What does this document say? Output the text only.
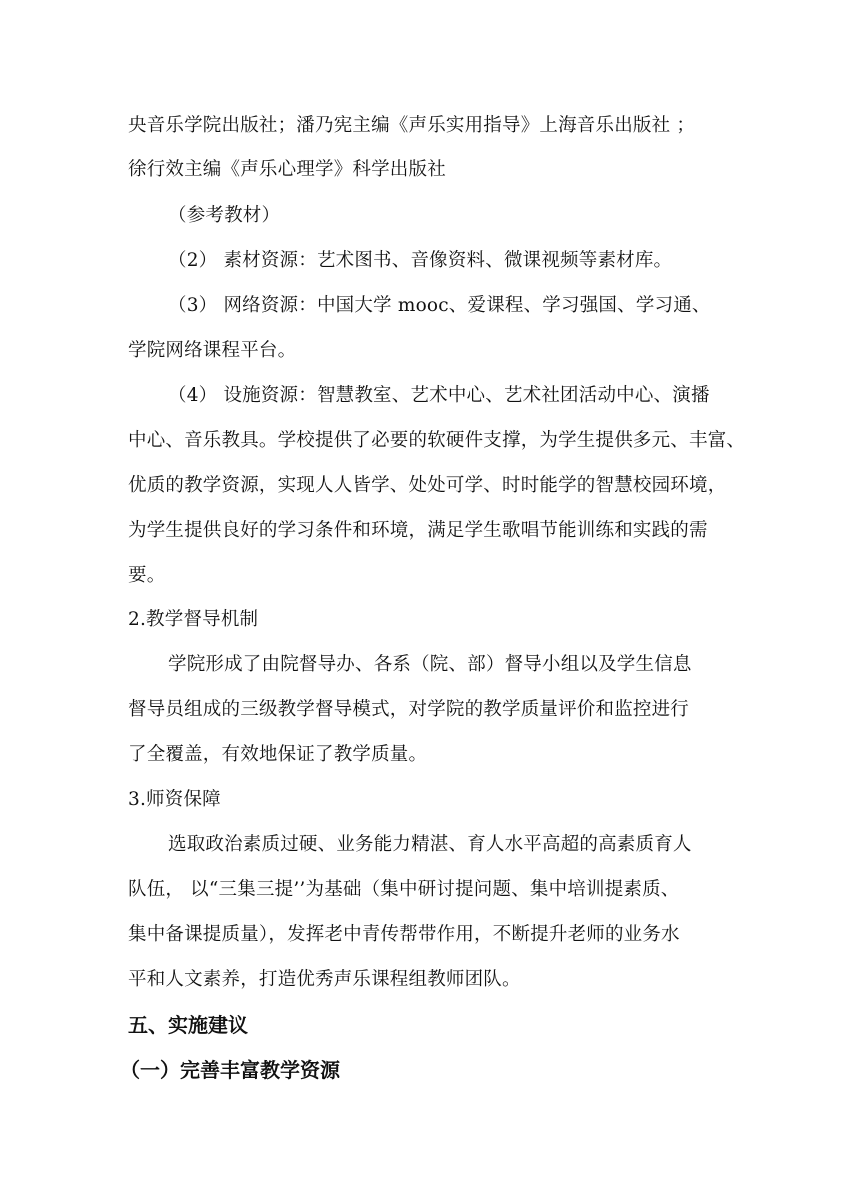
央音乐学院出版社；潘乃宪主编《声乐实用指导》上海音乐出版社 ；
徐行效主编《声乐心理学》科学出版社
（参考教材）
（2） 素材资源：艺术图书、音像资料、微课视频等素材库。
（3） 网络资源：中国大学 mooc、爱课程、学习强国、学习通、
学院网络课程平台。
（4） 设施资源：智慧教室、艺术中心、艺术社团活动中心、演播
中心、音乐教具。学校提供了必要的软硬件支撑，为学生提供多元、丰富、
优质的教学资源，实现人人皆学、处处可学、时时能学的智慧校园环境，
为学生提供良好的学习条件和环境，满足学生歌唱节能训练和实践的需
要。
2.教学督导机制
学院形成了由院督导办、各系（院、部）督导小组以及学生信息
督导员组成的三级教学督导模式，对学院的教学质量评价和监控进行
了全覆盖，有效地保证了教学质量。
3.师资保障
选取政治素质过硬、业务能力精湛、育人水平高超的高素质育人
队伍， 以“三集三提’’为基础（集中研讨提问题、集中培训提素质、
集中备课提质量），发挥老中青传帮带作用，不断提升老师的业务水
平和人文素养，打造优秀声乐课程组教师团队。
五、实施建议
（一）完善丰富教学资源
